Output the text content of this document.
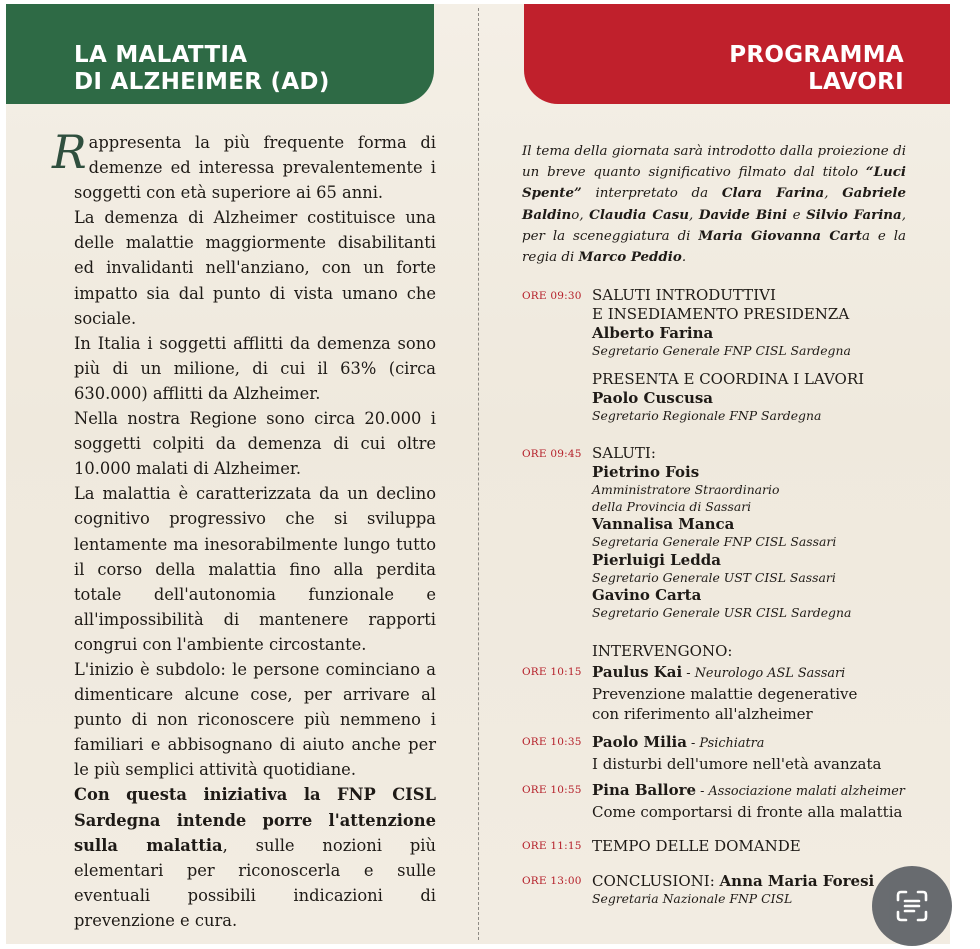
LA MALATTIA
DI ALZHEIMER (AD)
PROGRAMMA
LAVORI

Rappresenta la più frequente forma di demenze ed interessa prevalentemente i soggetti con età superiore ai 65 anni.

La demenza di Alzheimer costituisce una delle malattie maggiormente disabilitanti ed invalidanti nell'anziano, con un forte impatto sia dal punto di vista umano che sociale.

In Italia i soggetti afflitti da demenza sono più di un milione, di cui il 63% (circa 630.000) afflitti da Alzheimer.

Nella nostra Regione sono circa 20.000 i soggetti colpiti da demenza di cui oltre 10.000 malati di Alzheimer.

La malattia è caratterizzata da un declino cognitivo progressivo che si sviluppa lentamente ma inesorabilmente lungo tutto il corso della malattia fino alla perdita totale dell'autonomia funzionale e all'impossibilità di mantenere rapporti congrui con l'ambiente circostante.

L'inizio è subdolo: le persone cominciano a dimenticare alcune cose, per arrivare al punto di non riconoscere più nemmeno i familiari e abbisognano di aiuto anche per le più semplici attività quotidiane.

Con questa iniziativa la FNP CISL Sardegna intende porre l'attenzione sulla malattia, sulle nozioni più elementari per riconoscerla e sulle eventuali possibili indicazioni di prevenzione e cura.

Il tema della giornata sarà introdotto dalla proiezione di un breve quanto significativo filmato dal titolo “Luci Spente” interpretato da Clara Farina, Gabriele Baldino, Claudia Casu, Davide Bini e Silvio Farina, per la sceneggiatura di Maria Giovanna Carta e la regia di Marco Peddio.
ORE 09:30 SALUTI INTRODUTTIVI
E INSEDIAMENTO PRESIDENZA
Alberto Farina
Segretario Generale FNP CISL Sardegna
PRESENTA E COORDINA I LAVORI
Paolo Cuscusa
Segretario Regionale FNP Sardegna
ORE 09:45 SALUTI:
Pietrino Fois
Amministratore Straordinario
della Provincia di Sassari
Vannalisa Manca
Segretaria Generale FNP CISL Sassari
Pierluigi Ledda
Segretario Generale UST CISL Sassari
Gavino Carta
Segretario Generale USR CISL Sardegna
INTERVENGONO:
ORE 10:15 Paulus Kai - Neurologo ASL Sassari
Prevenzione malattie degenerative
con riferimento all'alzheimer
ORE 10:35 Paolo Milia - Psichiatra
I disturbi dell'umore nell'età avanzata
ORE 10:55 Pina Ballore - Associazione malati alzheimer
Come comportarsi di fronte alla malattia
ORE 11:15 TEMPO DELLE DOMANDE
ORE 13:00 CONCLUSIONI: Anna Maria Foresi
Segretaria Nazionale FNP CISL
